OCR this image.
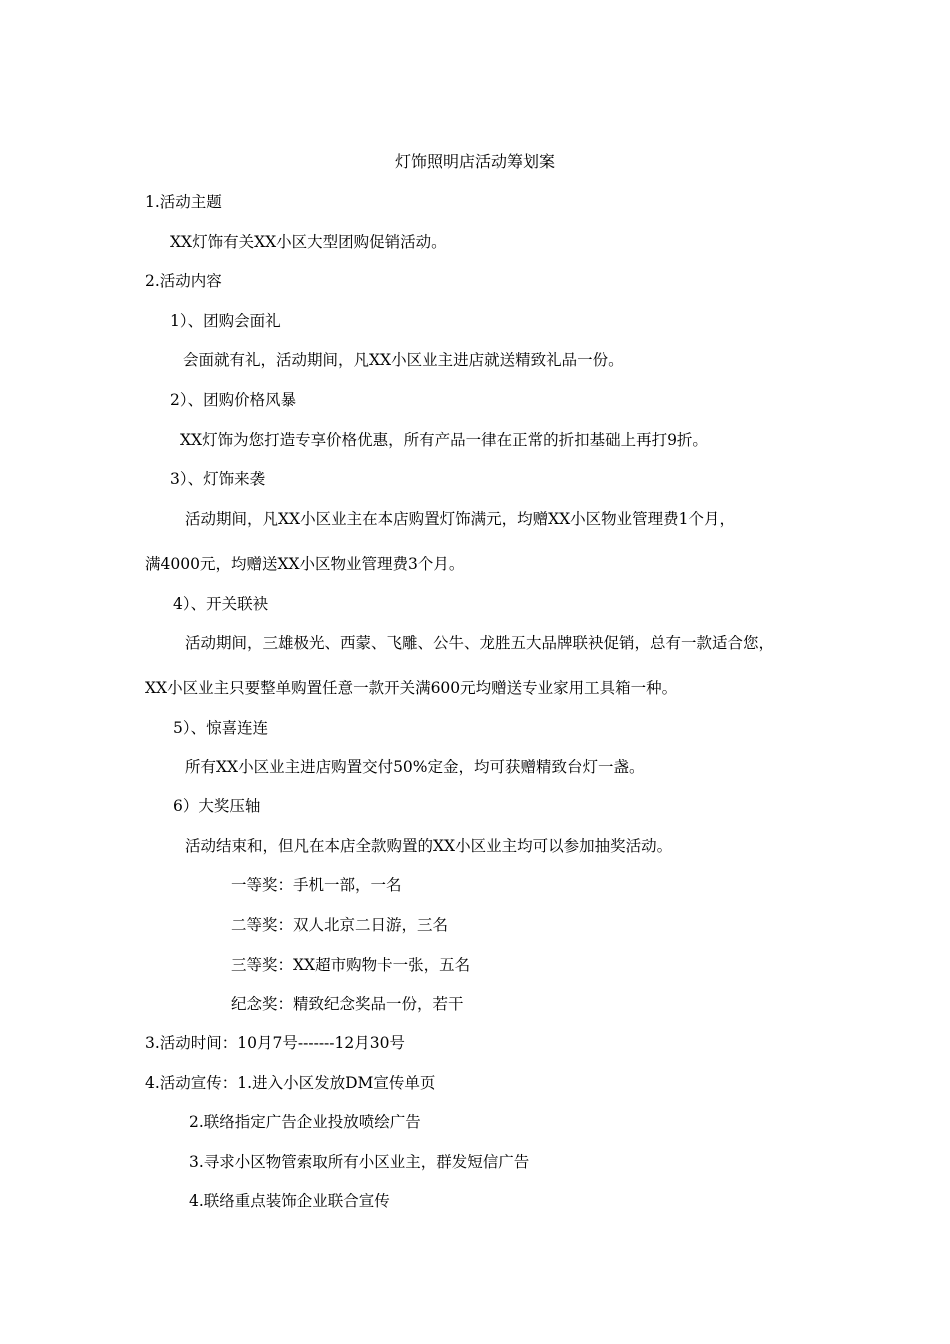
灯饰照明店活动筹划案
1.活动主题
XX灯饰有关XX小区大型团购促销活动。
2.活动内容
1）、团购会面礼
会面就有礼，活动期间，凡XX小区业主进店就送精致礼品一份。
2）、团购价格风暴
XX灯饰为您打造专享价格优惠，所有产品一律在正常的折扣基础上再打9折。
3）、灯饰来袭
活动期间，凡XX小区业主在本店购置灯饰满元，均赠XX小区物业管理费1个月，
满4000元，均赠送XX小区物业管理费3个月。
4）、开关联袂
活动期间，三雄极光、西蒙、飞雕、公牛、龙胜五大品牌联袂促销，总有一款适合您，
XX小区业主只要整单购置任意一款开关满600元均赠送专业家用工具箱一种。
5）、惊喜连连
所有XX小区业主进店购置交付50%定金，均可获赠精致台灯一盏。
6）大奖压轴
活动结束和，但凡在本店全款购置的XX小区业主均可以参加抽奖活动。
一等奖：手机一部，一名
二等奖：双人北京二日游，三名
三等奖：XX超市购物卡一张，五名
纪念奖：精致纪念奖品一份，若干
3.活动时间：10月7号-------12月30号
4.活动宣传：1.进入小区发放DM宣传单页
2.联络指定广告企业投放喷绘广告
3.寻求小区物管索取所有小区业主，群发短信广告
4.联络重点装饰企业联合宣传
